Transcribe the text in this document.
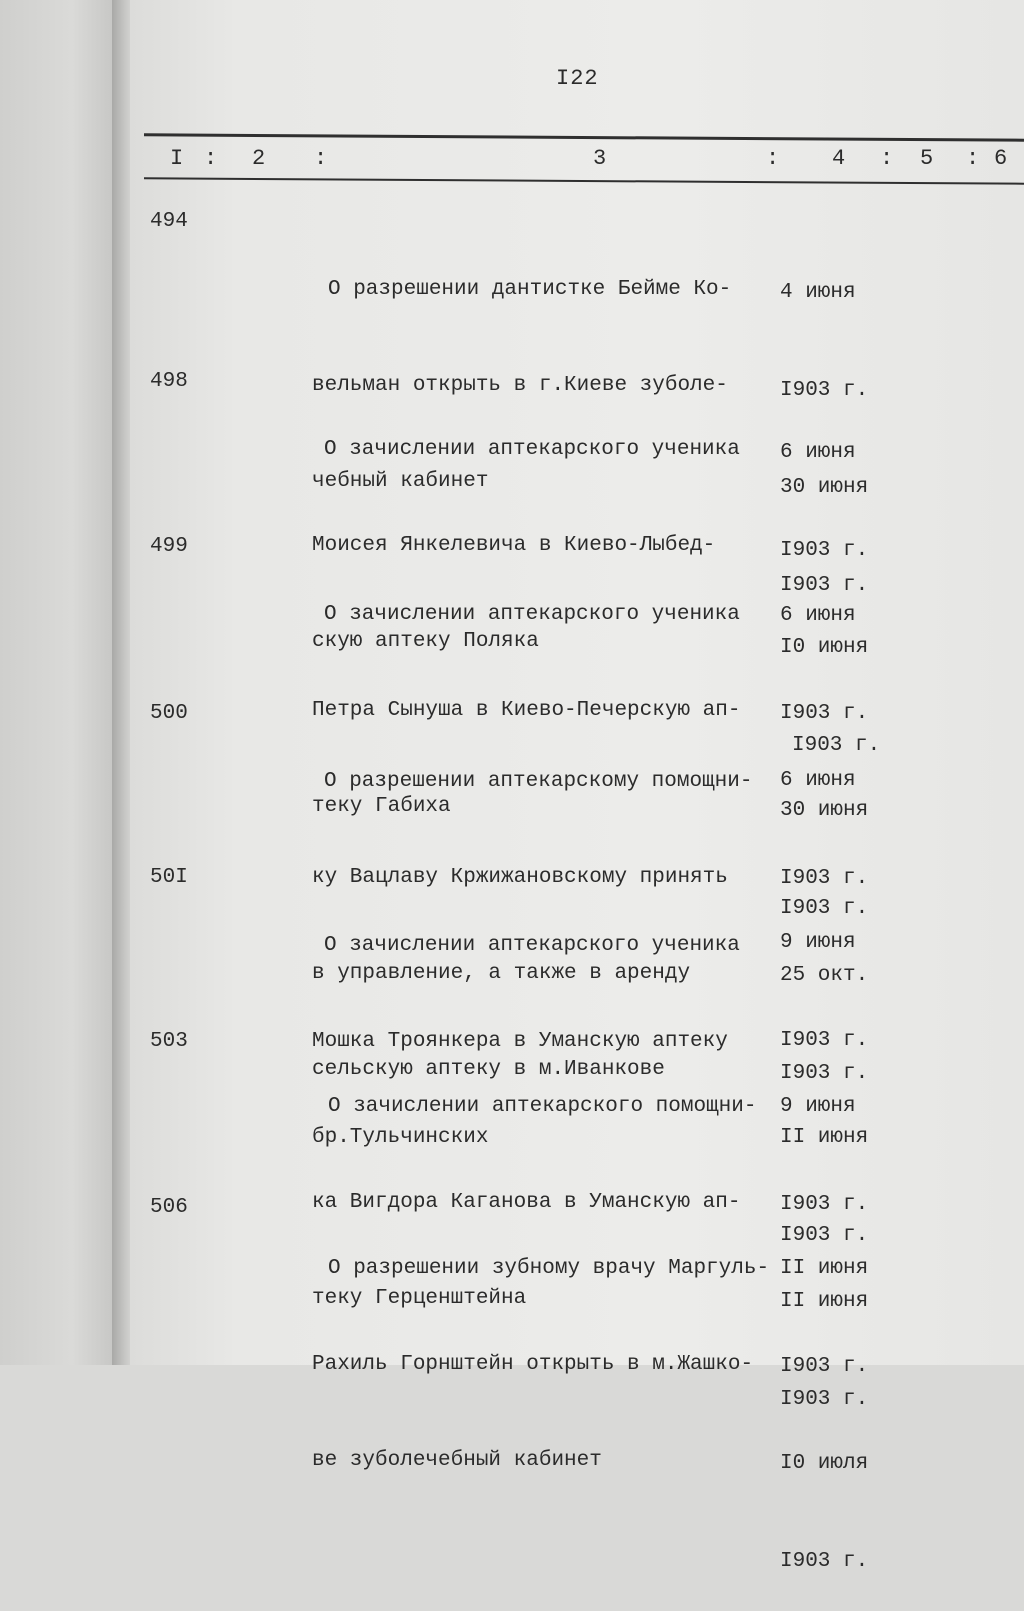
I22
I : 2 :	3	: 4 : 5 : 6
494

О разрешении дантистке Бейме Ко-

вельман открыть в г.Киеве зуболе-

чебный кабинет

4 июня

I903 г.

30 июня

I903 г.

498

О зачислении аптекарского ученика

Моисея Янкелевича в Киево-Лыбед-

скую аптеку Поляка

6 июня

I903 г.

I0 июня

I903 г.

499

О зачислении аптекарского ученика

Петра Сынуша в Киево-Печерскую ап-

теку Габиха

6 июня

I903 г.

30 июня

I903 г.

500

О разрешении аптекарскому помощни-

ку Вацлаву Кржижановскому принять

в управление, а также в аренду

сельскую аптеку в м.Иванкове

6 июня

I903 г.

25 окт.

I903 г.

50I

О зачислении аптекарского ученика

Мошка Троянкера в Уманскую аптеку

бр.Тульчинских

9 июня

I903 г.

II июня

I903 г.

503

О зачислении аптекарского помощни-

ка Вигдора Каганова в Уманскую ап-

теку Герценштейна

9 июня

I903 г.

II июня

I903 г.

506

О разрешении зубному врачу Маргуль-

Рахиль Горнштейн открыть в м.Жашко-

ве зуболечебный кабинет

II июня

I903 г.

I0 июля

I903 г.
